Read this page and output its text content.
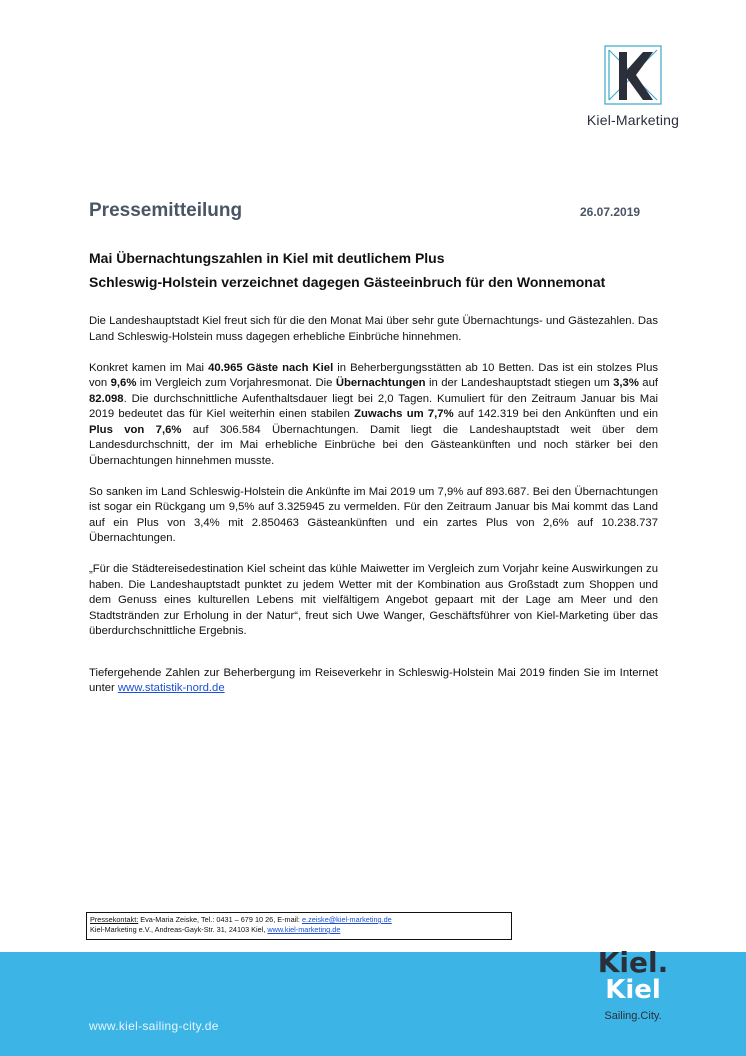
Kiel-Marketing
Pressemitteilung	26.07.2019
Mai Übernachtungszahlen in Kiel mit deutlichem Plus
Schleswig-Holstein verzeichnet dagegen Gästeeinbruch für den Wonnemonat

Die Landeshauptstadt Kiel freut sich für die den Monat Mai über sehr gute Übernachtungs- und Gästezahlen. Das Land Schleswig-Holstein muss dagegen erhebliche Einbrüche hinnehmen.

Konkret kamen im Mai 40.965 Gäste nach Kiel in Beherbergungsstätten ab 10 Betten. Das ist ein stolzes Plus von 9,6% im Vergleich zum Vorjahresmonat. Die Übernachtungen in der Landeshauptstadt stiegen um 3,3% auf 82.098. Die durchschnittliche Aufenthaltsdauer liegt bei 2,0 Tagen. Kumuliert für den Zeitraum Januar bis Mai 2019 bedeutet das für Kiel weiterhin einen stabilen Zuwachs um 7,7% auf 142.319 bei den Ankünften und ein Plus von 7,6% auf 306.584 Übernachtungen. Damit liegt die Landeshauptstadt weit über dem Landesdurchschnitt, der im Mai erhebliche Einbrüche bei den Gästeankünften und noch stärker bei den Übernachtungen hinnehmen musste.

So sanken im Land Schleswig-Holstein die Ankünfte im Mai 2019 um 7,9% auf 893.687. Bei den Übernachtungen ist sogar ein Rückgang um 9,5% auf 3.325945 zu vermelden. Für den Zeitraum Januar bis Mai kommt das Land auf ein Plus von 3,4% mit 2.850463 Gästeankünften und ein zartes Plus von 2,6% auf 10.238.737 Übernachtungen.

„Für die Städtereisedestination Kiel scheint das kühle Maiwetter im Vergleich zum Vorjahr keine Auswirkungen zu haben. Die Landeshauptstadt punktet zu jedem Wetter mit der Kombination aus Großstadt zum Shoppen und dem Genuss eines kulturellen Lebens mit vielfältigem Angebot gepaart mit der Lage am Meer und den Stadtstränden zur Erholung in der Natur“, freut sich Uwe Wanger, Geschäftsführer von Kiel-Marketing über das überdurchschnittliche Ergebnis.

Tiefergehende Zahlen zur Beherbergung im Reiseverkehr in Schleswig-Holstein Mai 2019 finden Sie im Internet unter www.statistik-nord.de

Pressekontakt: Eva-Maria Zeiske, Tel.: 0431 – 679 10 26, E-mail: e.zeiske@kiel-marketing.de
Kiel-Marketing e.V., Andreas-Gayk-Str. 31, 24103 Kiel, www.kiel-marketing.de
www.kiel-sailing-city.de
Kiel.
Kiel
Sailing.City.
